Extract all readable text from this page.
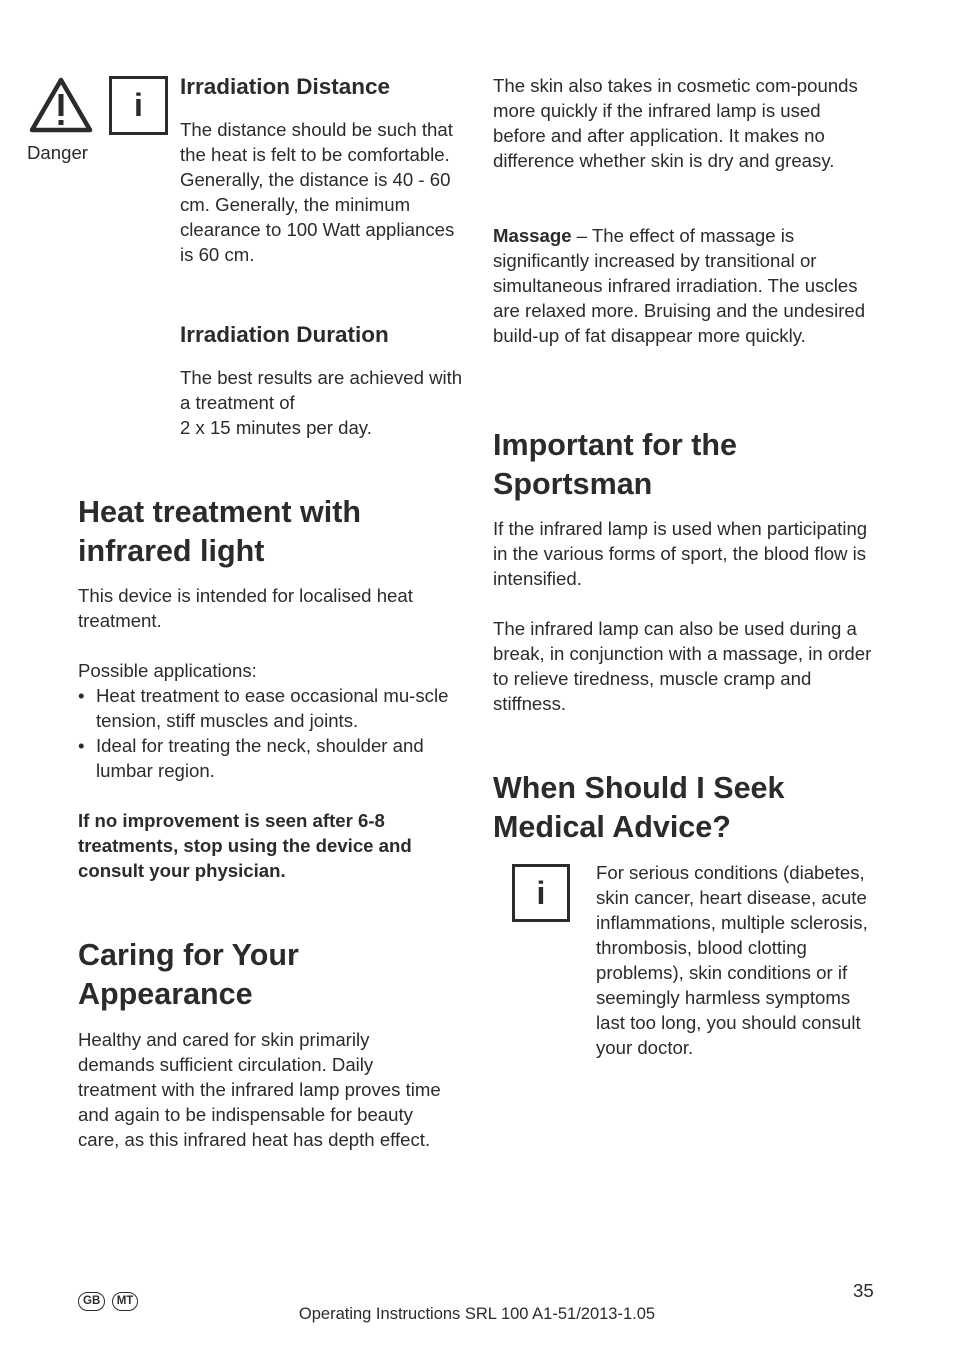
Danger
i
Irradiation Distance

The distance should be such that the heat is felt to be comfortable. Generally, the distance is 40 - 60 cm. Generally, the minimum clearance to 100 Watt appliances is 60 cm.

Irradiation Duration
The best results are achieved with a treatment of
2 x 15 minutes per day.
Heat treatment with infrared light

This device is intended for localised heat treatment.

Possible applications:

• Heat treatment to ease occasional mu-scle tension, stiff muscles and joints.
• Ideal for treating the neck, shoulder and lumbar region.

If no improvement is seen after 6-8 treatments, stop using the device and consult your physician.

Caring for Your Appearance

Healthy and cared for skin primarily demands sufficient circulation. Daily treatment with the infrared lamp proves time and again to be indispensable for beauty care, as this infrared heat has depth effect.

The skin also takes in cosmetic com-pounds more quickly if the infrared lamp is used before and after application. It makes no difference whether skin is dry and greasy.

Massage – The effect of massage is significantly increased by transitional or simultaneous infrared irradiation. The uscles are relaxed more. Bruising and the undesired build-up of fat disappear more quickly.

Important for the Sportsman

If the infrared lamp is used when participating in the various forms of sport, the blood flow is intensified.

The infrared lamp can also be used during a break, in conjunction with a massage, in order to relieve tiredness, muscle cramp and stiffness.

When Should I Seek Medical Advice?
i

For serious conditions (diabetes, skin cancer, heart disease, acute inflammations, multiple sclerosis, thrombosis, blood clotting problems), skin conditions or if seemingly harmless symptoms last too long, you should consult your doctor.

GB MT	35
Operating Instructions SRL 100 A1-51/2013-1.05
